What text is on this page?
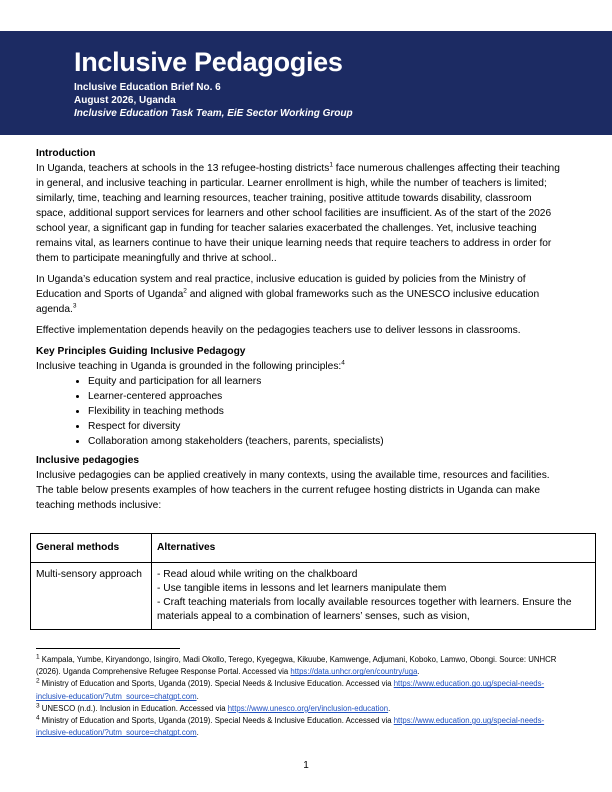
Inclusive Pedagogies
Inclusive Education Brief No. 6
August 2026, Uganda
Inclusive Education Task Team, EiE Sector Working Group
Introduction

In Uganda, teachers at schools in the 13 refugee-hosting districts$^1$ face numerous challenges affecting their teaching in general, and inclusive teaching in particular. Learner enrollment is high, while the number of teachers is limited; similarly, time, teaching and learning resources, teacher training, positive attitude towards disability, classroom space, additional support services for learners and other school facilities are insufficient. As of the start of the 2026 school year, a significant gap in funding for teacher salaries exacerbated the challenges. Yet, inclusive teaching remains vital, as learners continue to have their unique learning needs that require teachers to address in order for them to participate meaningfully and thrive at school..

In Uganda’s education system and real practice, inclusive education is guided by policies from the Ministry of Education and Sports of Uganda$^2$ and aligned with global frameworks such as the UNESCO inclusive education agenda.$^3$

Effective implementation depends heavily on the pedagogies teachers use to deliver lessons in classrooms.

Key Principles Guiding Inclusive Pedagogy
Inclusive teaching in Uganda is grounded in the following principles:$^4$
• Equity and participation for all learners
• Learner-centered approaches
• Flexibility in teaching methods
• Respect for diversity
• Collaboration among stakeholders (teachers, parents, specialists)
Inclusive pedagogies

Inclusive pedagogies can be applied creatively in many contexts, using the available time, resources and facilities. The table below presents examples of how teachers in the current refugee hosting districts in Uganda can make teaching methods inclusive:

General methods	Alternatives
Multi-sensory approach	- Read aloud while writing on the chalkboard
- Use tangible items in lessons and let learners manipulate them
- Craft teaching materials from locally available resources together with learners. Ensure the materials appeal to a combination of learners’ senses, such as vision,
$^1$ Kampala, Yumbe, Kiryandongo, Isingiro, Madi Okollo, Terego, Kyegegwa, Kikuube, Kamwenge, Adjumani, Koboko, Lamwo, Obongi. Source: UNHCR (2026). Uganda Comprehensive Refugee Response Portal. Accessed via https://data.unhcr.org/en/country/uga.
$^2$ Ministry of Education and Sports, Uganda (2019). Special Needs & Inclusive Education. Accessed via https://www.education.go.ug/special-needs-inclusive-education/?utm_source=chatgpt.com.
$^3$ UNESCO (n.d.). Inclusion in Education. Accessed via https://www.unesco.org/en/inclusion-education.
$^4$ Ministry of Education and Sports, Uganda (2019). Special Needs & Inclusive Education. Accessed via https://www.education.go.ug/special-needs-inclusive-education/?utm_source=chatgpt.com.
1
